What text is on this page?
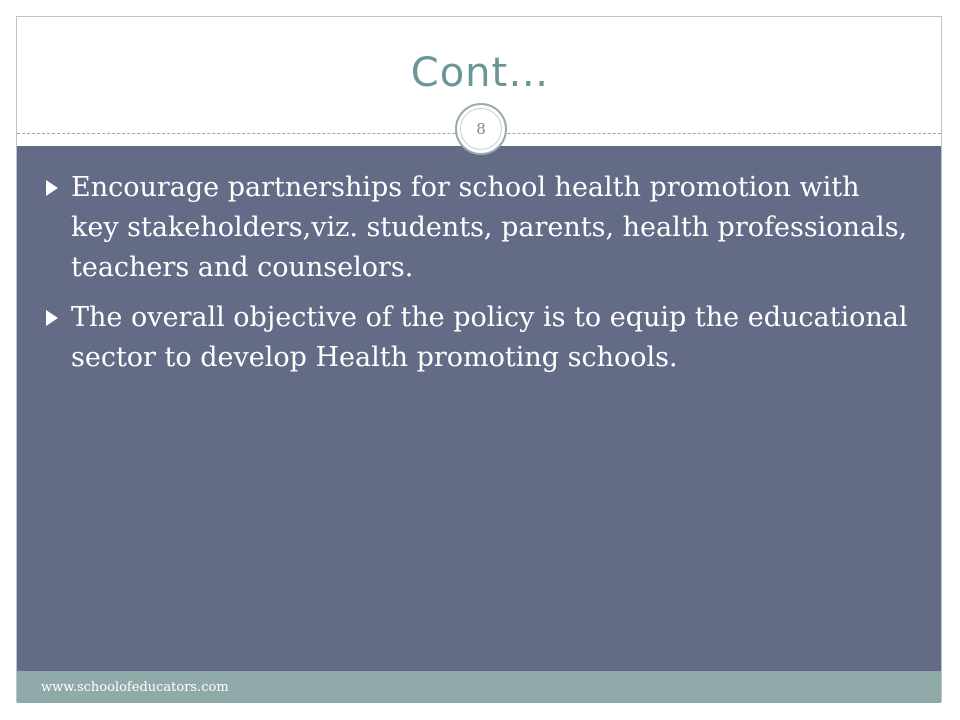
Cont…
8
Encourage partnerships for school health promotion with key stakeholders,viz. students, parents, health professionals, teachers and counselors.
The overall objective of the policy is to equip the educational sector to develop Health promoting schools.
www.schoolofeducators.com
